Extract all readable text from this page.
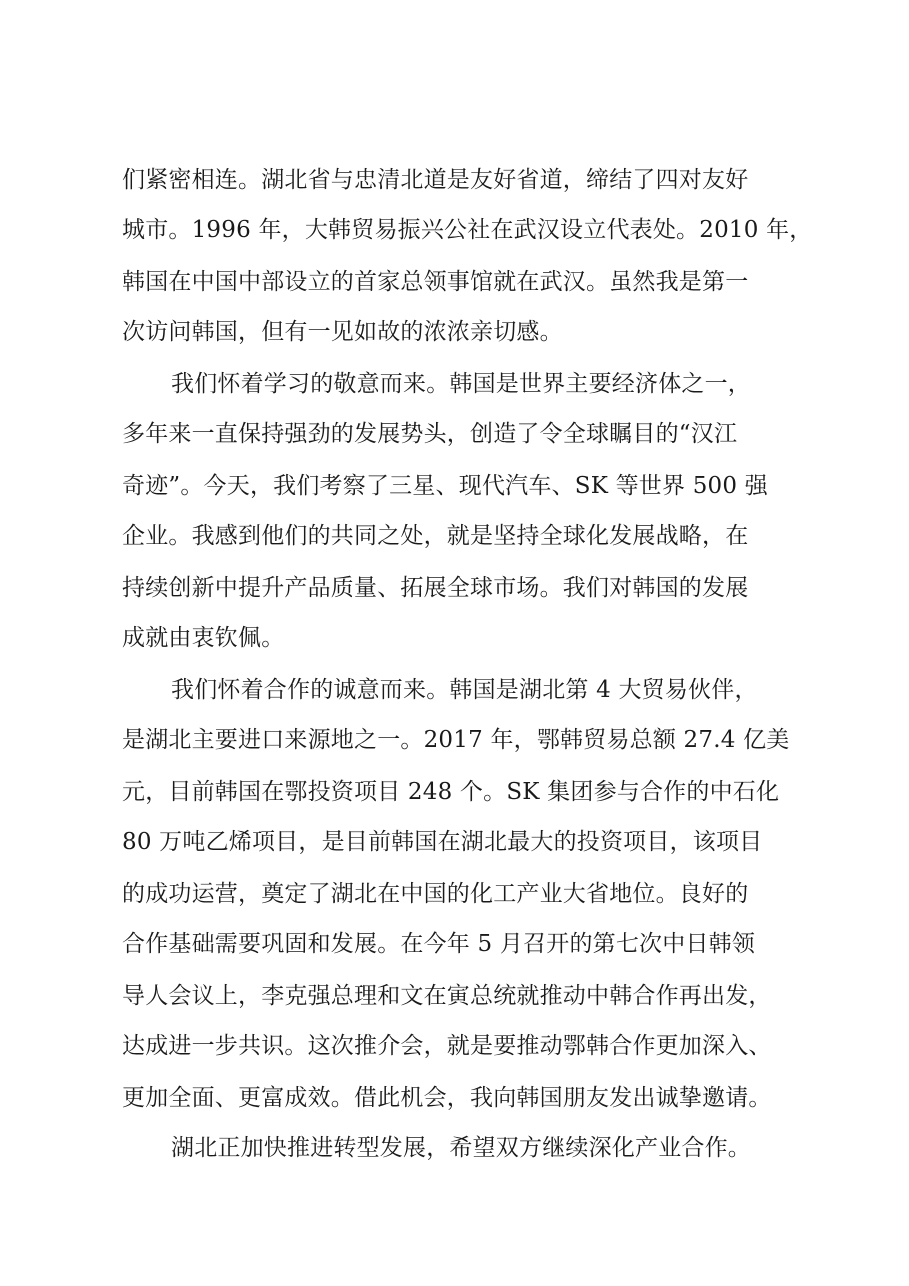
们紧密相连。湖北省与忠清北道是友好省道，缔结了四对友好
城市。1996 年，大韩贸易振兴公社在武汉设立代表处。2010 年，
韩国在中国中部设立的首家总领事馆就在武汉。虽然我是第一
次访问韩国，但有一见如故的浓浓亲切感。
我们怀着学习的敬意而来。韩国是世界主要经济体之一，
多年来一直保持强劲的发展势头，创造了令全球瞩目的“汉江
奇迹”。今天，我们考察了三星、现代汽车、SK 等世界 500 强
企业。我感到他们的共同之处，就是坚持全球化发展战略，在
持续创新中提升产品质量、拓展全球市场。我们对韩国的发展
成就由衷钦佩。
我们怀着合作的诚意而来。韩国是湖北第 4 大贸易伙伴，
是湖北主要进口来源地之一。2017 年，鄂韩贸易总额 27.4 亿美
元，目前韩国在鄂投资项目 248 个。SK 集团参与合作的中石化
80 万吨乙烯项目，是目前韩国在湖北最大的投资项目，该项目
的成功运营，奠定了湖北在中国的化工产业大省地位。良好的
合作基础需要巩固和发展。在今年 5 月召开的第七次中日韩领
导人会议上，李克强总理和文在寅总统就推动中韩合作再出发，
达成进一步共识。这次推介会，就是要推动鄂韩合作更加深入、
更加全面、更富成效。借此机会，我向韩国朋友发出诚挚邀请。
湖北正加快推进转型发展，希望双方继续深化产业合作。
